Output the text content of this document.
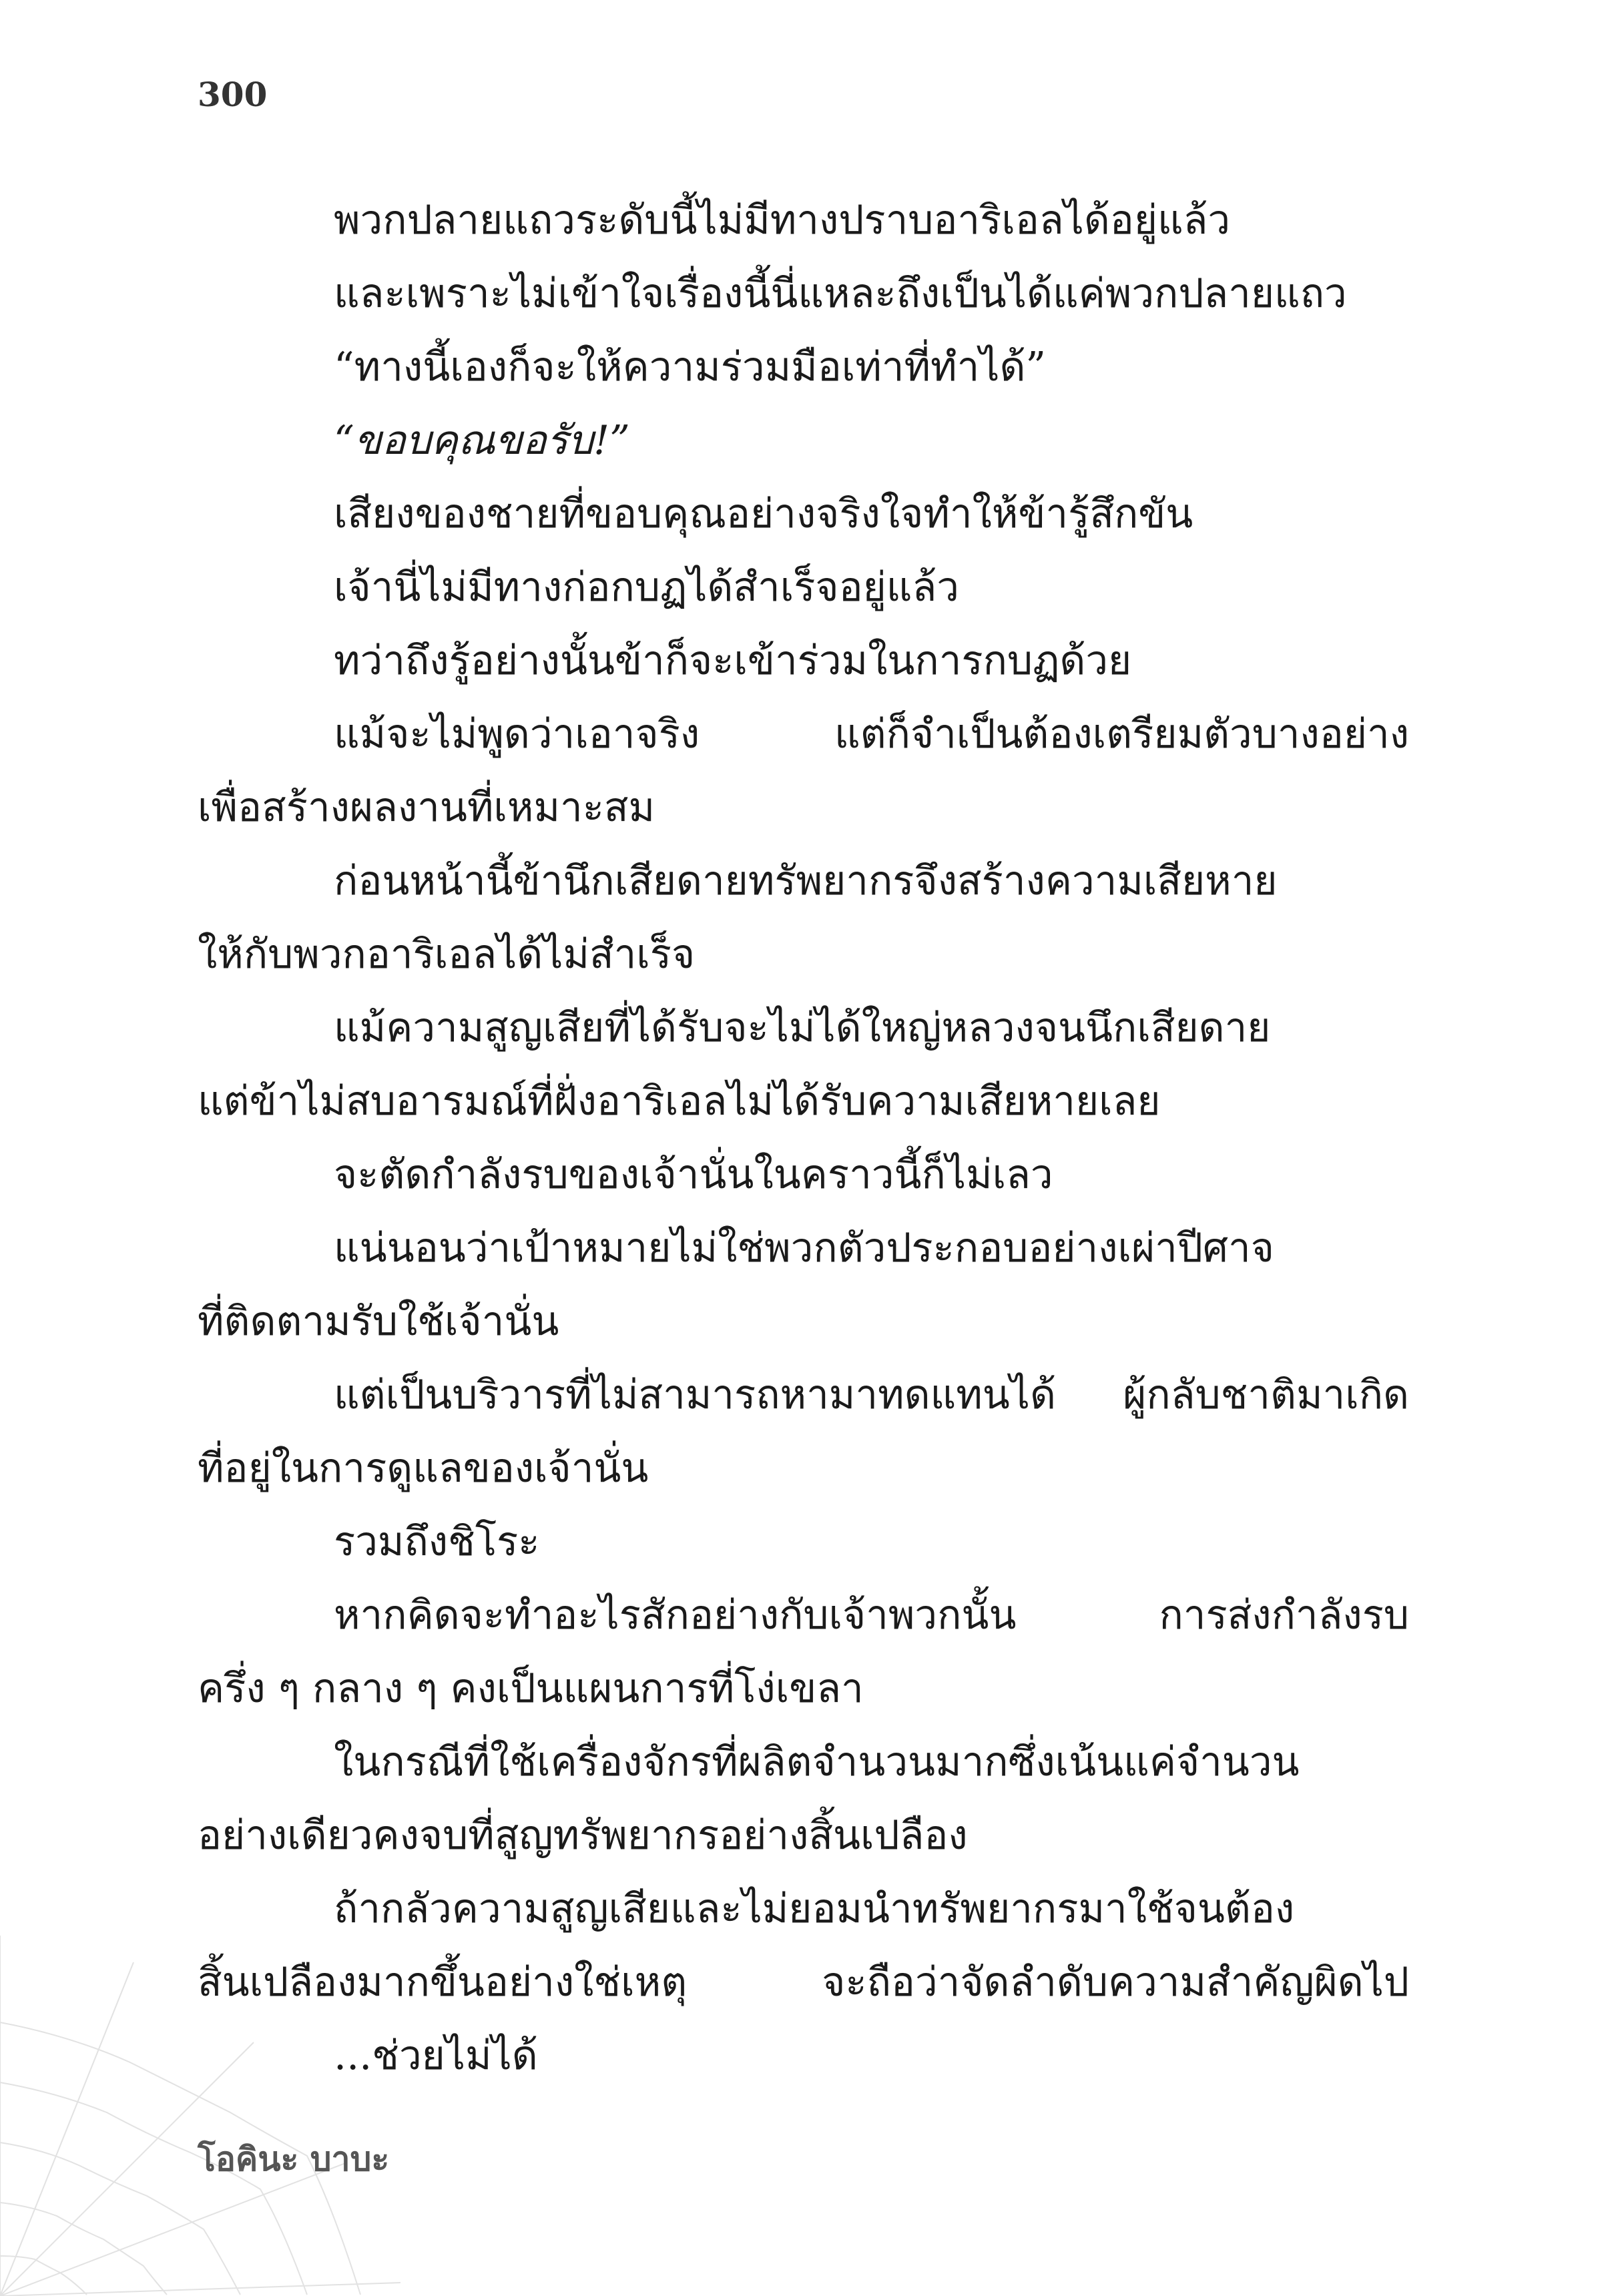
300
พวกปลายแถวระดับนี้ไม่มีทางปราบอาริเอลได้อยู่แล้ว
และเพราะไม่เข้าใจเรื่องนี้นี่แหละถึงเป็นได้แค่พวกปลายแถว
“ทางนี้เองก็จะให้ความร่วมมือเท่าที่ทำได้”
“ขอบคุณขอรับ!”
เสียงของชายที่ขอบคุณอย่างจริงใจทำให้ข้ารู้สึกขัน
เจ้านี่ไม่มีทางก่อกบฏได้สำเร็จอยู่แล้ว
ทว่าถึงรู้อย่างนั้นข้าก็จะเข้าร่วมในการกบฏด้วย
แม้จะไม่พูดว่าเอาจริง แต่ก็จำเป็นต้องเตรียมตัวบางอย่าง
เพื่อสร้างผลงานที่เหมาะสม
ก่อนหน้านี้ข้านึกเสียดายทรัพยากรจึงสร้างความเสียหาย
ให้กับพวกอาริเอลได้ไม่สำเร็จ
แม้ความสูญเสียที่ได้รับจะไม่ได้ใหญ่หลวงจนนึกเสียดาย
แต่ข้าไม่สบอารมณ์ที่ฝั่งอาริเอลไม่ได้รับความเสียหายเลย
จะตัดกำลังรบของเจ้านั่นในคราวนี้ก็ไม่เลว
แน่นอนว่าเป้าหมายไม่ใช่พวกตัวประกอบอย่างเผ่าปีศาจ
ที่ติดตามรับใช้เจ้านั่น
แต่เป็นบริวารที่ไม่สามารถหามาทดแทนได้ ผู้กลับชาติมาเกิด
ที่อยู่ในการดูแลของเจ้านั่น
รวมถึงชิโระ
หากคิดจะทำอะไรสักอย่างกับเจ้าพวกนั้น การส่งกำลังรบ
ครึ่ง ๆ กลาง ๆ คงเป็นแผนการที่โง่เขลา
ในกรณีที่ใช้เครื่องจักรที่ผลิตจำนวนมากซึ่งเน้นแค่จำนวน
อย่างเดียวคงจบที่สูญทรัพยากรอย่างสิ้นเปลือง
ถ้ากลัวความสูญเสียและไม่ยอมนำทรัพยากรมาใช้จนต้อง
สิ้นเปลืองมากขึ้นอย่างใช่เหตุ จะถือว่าจัดลำดับความสำคัญผิดไป
...ช่วยไม่ได้
โอคินะ บาบะ
